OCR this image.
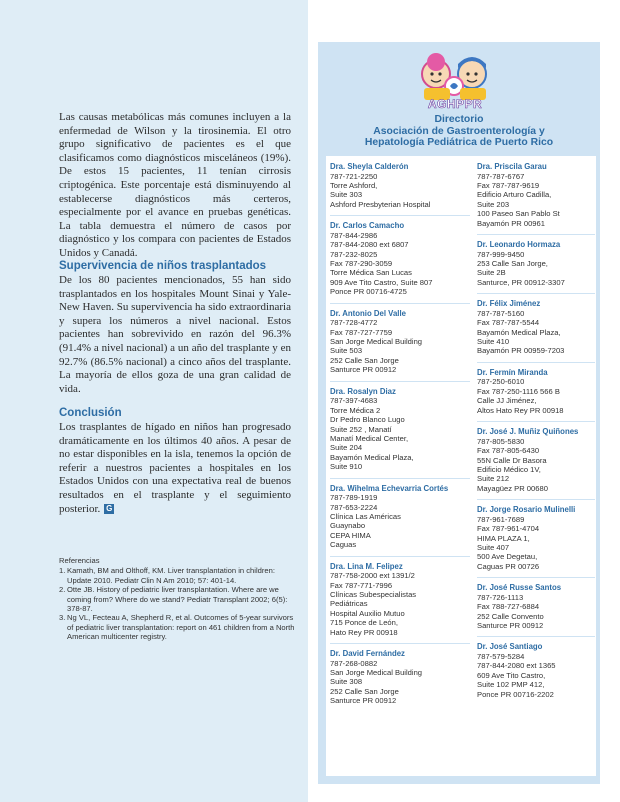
Las causas metabólicas más comunes incluyen a la enfermedad de Wilson y la tirosinemia. El otro grupo significativo de pacientes es el que clasificamos como diagnósticos misceláneos (19%). De estos 15 pacientes, 11 tenían cirrosis criptogénica. Este porcentaje está disminuyendo al establecerse diagnósticos más certeros, especialmente por el avance en pruebas genéticas. La tabla demuestra el número de casos por diagnóstico y los compara con pacientes de Estados Unidos y Canadá.
Supervivencia de niños trasplantados
De los 80 pacientes mencionados, 55 han sido trasplantados en los hospitales Mount Sinai y Yale-New Haven. Su supervivencia ha sido extraordinaria y supera los números a nivel nacional. Estos pacientes han sobrevivido en razón del 96.3% (91.4% a nivel nacional) a un año del trasplante y en 92.7% (86.5% nacional) a cinco años del trasplante. La mayoría de ellos goza de una gran calidad de vida.
Conclusión
Los trasplantes de hígado en niños han progresado dramáticamente en los últimos 40 años. A pesar de no estar disponibles en la isla, tenemos la opción de referir a nuestros pacientes a hospitales en los Estados Unidos con una expectativa real de buenos resultados en el trasplante y el seguimiento posterior. G
Referencias
1. Kamath, BM and Olthoff, KM. Liver transplantation in children: Update 2010. Pediatr Clin N Am 2010; 57: 401-14.
2. Otte JB. History of pediatric liver transplantation. Where are we coming from? Where do we stand? Pediatr Transplant 2002; 6(5): 378-87.
3. Ng VL, Fecteau A, Shepherd R, et al. Outcomes of 5-year survivors of pediatric liver transplantation: report on 461 children from a North American multicenter registry.
AGHPPR
Directorio
Asociación de Gastroenterología y
Hepatología Pediátrica de Puerto Rico
Dra. Sheyla Calderón
787-721-2250
Torre Ashford,
Suite 303
Ashford Presbyterian Hospital
Dr. Carlos Camacho
787-844-2986
787-844-2080 ext 6807
787-232-8025
Fax 787-290-3059
Torre Médica San Lucas
909 Ave Tito Castro, Suite 807
Ponce PR 00716-4725
Dr. Antonio Del Valle
787-728-4772
Fax 787-727-7759
San Jorge Medical Building
Suite 503
252 Calle San Jorge
Santurce PR 00912
Dra. Rosalyn Diaz
787-397-4683
Torre Médica 2
Dr Pedro Blanco Lugo
Suite 252 , Manatí
Manatí Medical Center,
Suite 204
Bayamón Medical Plaza,
Suite 910
Dra. Wihelma Echevarria Cortés
787-789-1919
787-653-2224
Clínica Las Américas
Guaynabo
CEPA HIMA
Caguas
Dra. Lina M. Felipez
787-758-2000 ext 1391/2
Fax 787-771-7996
Clínicas Subespecialistas
Pediátricas
Hospital Auxilio Mutuo
715 Ponce de León,
Hato Rey PR 00918
Dr. David Fernández
787-268-0882
San Jorge Medical Building
Suite 308
252 Calle San Jorge
Santurce PR 00912
Dra. Priscila Garau
787-787-6767
Fax 787-787-9619
Edificio Arturo Cadilla,
Suite 203
100 Paseo San Pablo St
Bayamón PR 00961
Dr. Leonardo Hormaza
787-999-9450
253 Calle San Jorge,
Suite 2B
Santurce, PR 00912-3307
Dr. Félix Jiménez
787-787-5160
Fax 787-787-5544
Bayamón Medical Plaza,
Suite 410
Bayamón PR 00959-7203
Dr. Fermín Miranda
787-250-6010
Fax 787-250-1116 566 B
Calle JJ Jiménez,
Altos Hato Rey PR 00918
Dr. José J. Muñiz Quiñones
787-805-5830
Fax 787-805-6430
55N Calle Dr Basora
Edificio Médico 1V,
Suite 212
Mayagüez PR 00680
Dr. Jorge Rosario Mulinelli
787-961-7689
Fax 787-961-4704
HIMA PLAZA 1,
Suite 407
500 Ave Degetau,
Caguas PR 00726
Dr. José Russe Santos
787-726-1113
Fax 788-727-6884
252 Calle Convento
Santurce PR 00912
Dr. José Santiago
787-579-5284
787-844-2080 ext 1365
609 Ave Tito Castro,
Suite 102 PMP 412,
Ponce PR 00716-2202
